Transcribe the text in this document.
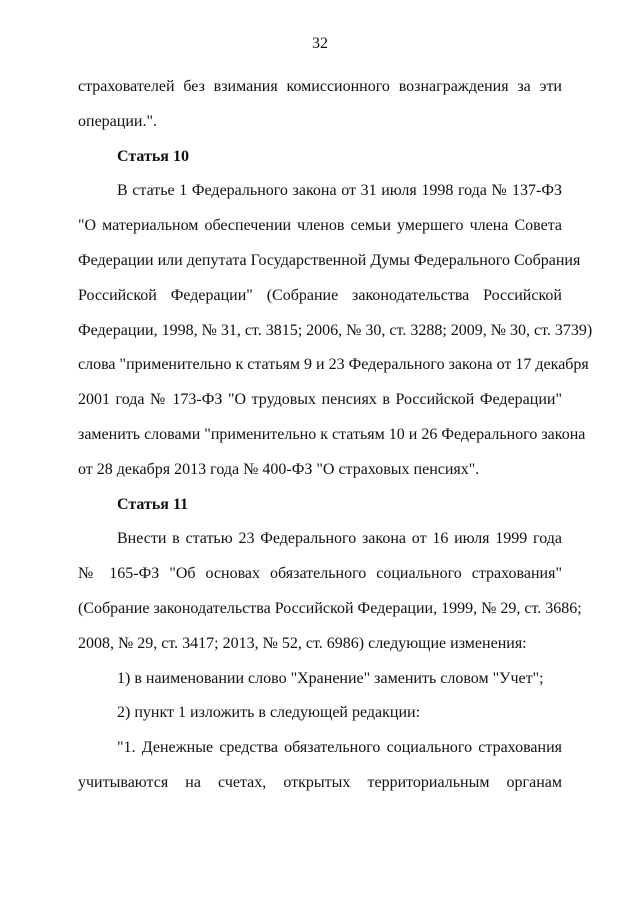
32
страхователей без взимания комиссионного вознаграждения за эти
операции.".
Статья 10
В статье 1 Федерального закона от 31 июля 1998 года № 137-ФЗ
"О материальном обеспечении членов семьи умершего члена Совета
Федерации или депутата Государственной Думы Федерального Собрания
Российской Федерации" (Собрание законодательства Российской
Федерации, 1998, № 31, ст. 3815; 2006, № 30, ст. 3288; 2009, № 30, ст. 3739)
слова "применительно к статьям 9 и 23 Федерального закона от 17 декабря
2001 года № 173-ФЗ "О трудовых пенсиях в Российской Федерации"
заменить словами "применительно к статьям 10 и 26 Федерального закона
от 28 декабря 2013 года № 400-ФЗ "О страховых пенсиях".
Статья 11
Внести в статью 23 Федерального закона от 16 июля 1999 года
№ 165-ФЗ "Об основах обязательного социального страхования"
(Собрание законодательства Российской Федерации, 1999, № 29, ст. 3686;
2008, № 29, ст. 3417; 2013, № 52, ст. 6986) следующие изменения:
1) в наименовании слово "Хранение" заменить словом "Учет";
2) пункт 1 изложить в следующей редакции:
"1. Денежные средства обязательного социального страхования
учитываются на счетах, открытых территориальным органам
